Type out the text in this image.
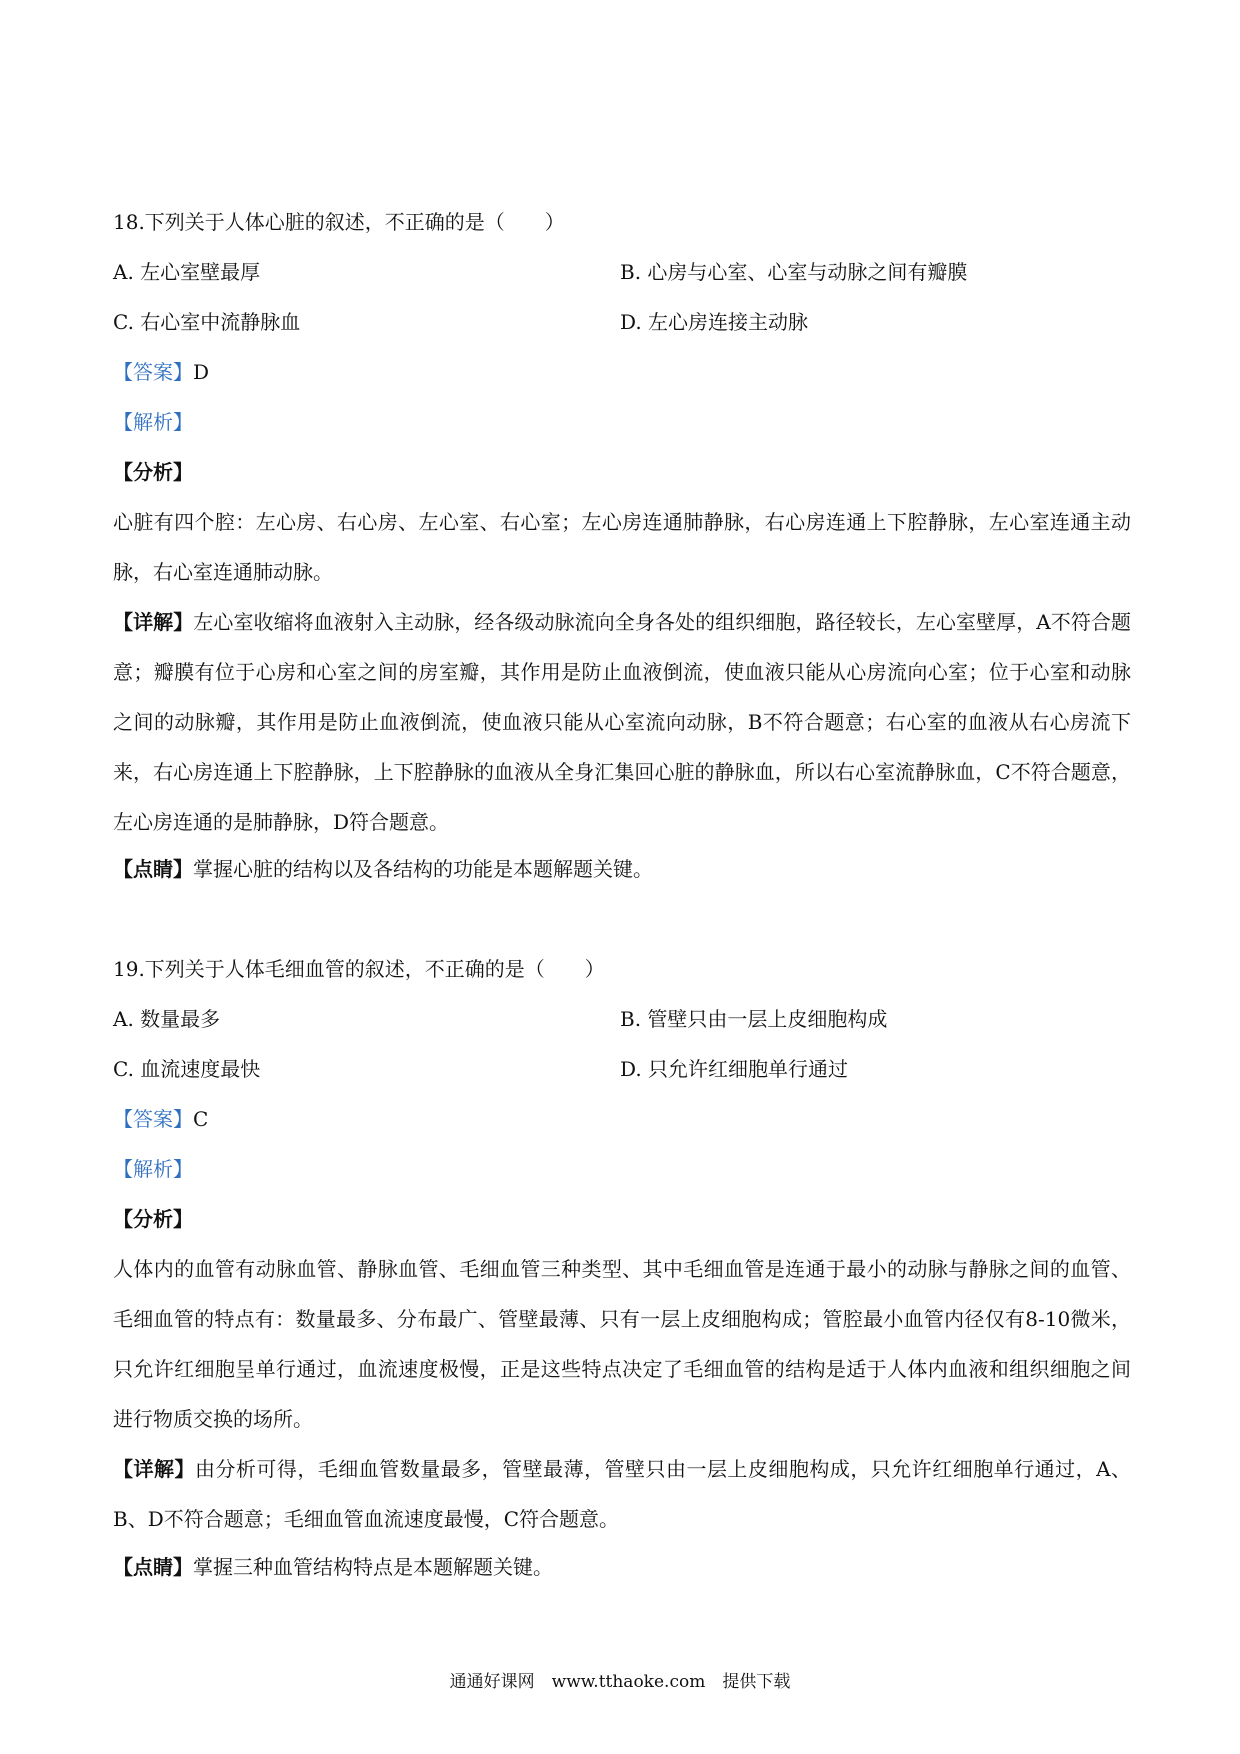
18.下列关于人体心脏的叙述，不正确的是（　　）
A. 左心室壁最厚	B. 心房与心室、心室与动脉之间有瓣膜
C. 右心室中流静脉血	D. 左心房连接主动脉
【答案】D
【解析】
【分析】
心脏有四个腔：左心房、右心房、左心室、右心室；左心房连通肺静脉，右心房连通上下腔静脉，左心室连通主动脉，右心室连通肺动脉。
【详解】左心室收缩将血液射入主动脉，经各级动脉流向全身各处的组织细胞，路径较长，左心室壁厚，A不符合题意；瓣膜有位于心房和心室之间的房室瓣，其作用是防止血液倒流，使血液只能从心房流向心室；位于心室和动脉之间的动脉瓣，其作用是防止血液倒流，使血液只能从心室流向动脉，B不符合题意；右心室的血液从右心房流下来，右心房连通上下腔静脉，上下腔静脉的血液从全身汇集回心脏的静脉血，所以右心室流静脉血，C不符合题意，左心房连通的是肺静脉，D符合题意。
【点睛】掌握心脏的结构以及各结构的功能是本题解题关键。
19.下列关于人体毛细血管的叙述，不正确的是（　　）
A. 数量最多	B. 管壁只由一层上皮细胞构成
C. 血流速度最快	D. 只允许红细胞单行通过
【答案】C
【解析】
【分析】
人体内的血管有动脉血管、静脉血管、毛细血管三种类型、其中毛细血管是连通于最小的动脉与静脉之间的血管、毛细血管的特点有：数量最多、分布最广、管壁最薄、只有一层上皮细胞构成；管腔最小血管内径仅有8-10微米，只允许红细胞呈单行通过，血流速度极慢，正是这些特点决定了毛细血管的结构是适于人体内血液和组织细胞之间进行物质交换的场所。
【详解】由分析可得，毛细血管数量最多，管壁最薄，管壁只由一层上皮细胞构成，只允许红细胞单行通过，A、B、D不符合题意；毛细血管血流速度最慢，C符合题意。
【点睛】掌握三种血管结构特点是本题解题关键。
通通好课网　www.tthaoke.com　提供下载
